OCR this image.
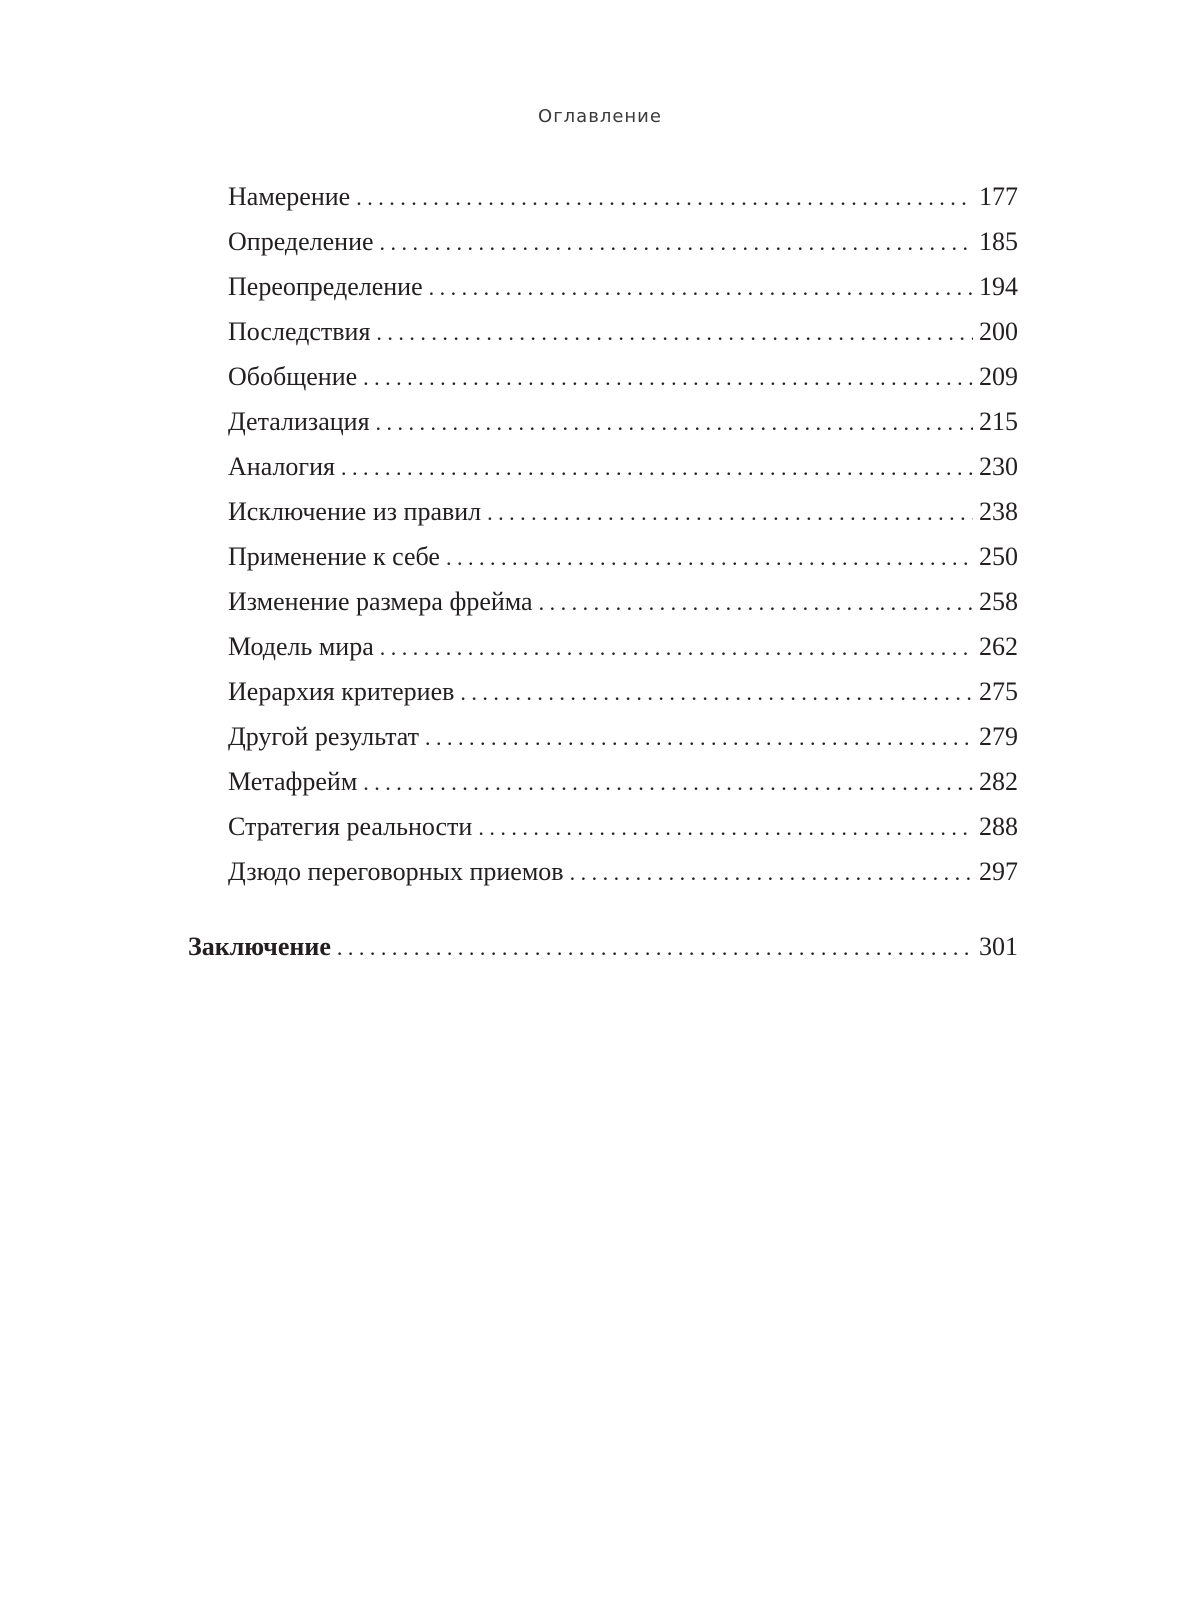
Оглавление
Намерение . . .	177
Определение . . .	185
Переопределение . . .	194
Последствия . . .	200
Обобщение . . .	209
Детализация . . .	215
Аналогия . . .	230
Исключение из правил . . .	238
Применение к себе . . .	250
Изменение размера фрейма . . .	258
Модель мира . . .	262
Иерархия критериев . . .	275
Другой результат . . .	279
Метафрейм . . .	282
Стратегия реальности . . .	288
Дзюдо переговорных приемов . . .	297
Заключение . . .	301
